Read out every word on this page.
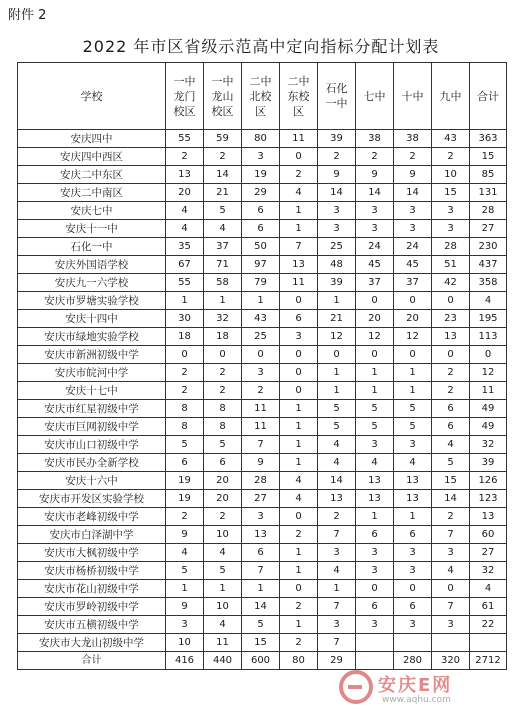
附件 2
2022 年市区省级示范高中定向指标分配计划表
学校	一中龙门校区	一中龙山校区	二中北校区	二中东校区	石化一中	七中	十中	九中	合计
安庆四中	55	59	80	11	39	38	38	43	363
安庆四中西区	2	2	3	0	2	2	2	2	15
安庆二中东区	13	14	19	2	9	9	9	10	85
安庆二中南区	20	21	29	4	14	14	14	15	131
安庆七中	4	5	6	1	3	3	3	3	28
安庆十一中	4	4	6	1	3	3	3	3	27
石化一中	35	37	50	7	25	24	24	28	230
安庆外国语学校	67	71	97	13	48	45	45	51	437
安庆九一六学校	55	58	79	11	39	37	37	42	358
安庆市罗塘实验学校	1	1	1	0	1	0	0	0	4
安庆十四中	30	32	43	6	21	20	20	23	195
安庆市绿地实验学校	18	18	25	3	12	12	12	13	113
安庆市新洲初级中学	0	0	0	0	0	0	0	0	0
安庆市皖河中学	2	2	3	0	1	1	1	2	12
安庆十七中	2	2	2	0	1	1	1	2	11
安庆市红星初级中学	8	8	11	1	5	5	5	6	49
安庆市巨网初级中学	8	8	11	1	5	5	5	6	49
安庆市山口初级中学	5	5	7	1	4	3	3	4	32
安庆市民办全新学校	6	6	9	1	4	4	4	5	39
安庆十六中	19	20	28	4	14	13	13	15	126
安庆市开发区实验学校	19	20	27	4	13	13	13	14	123
安庆市老峰初级中学	2	2	3	0	2	1	1	2	13
安庆市白泽湖中学	9	10	13	2	7	6	6	7	60
安庆市大枫初级中学	4	4	6	1	3	3	3	3	27
安庆市杨桥初级中学	5	5	7	1	4	3	3	4	32
安庆市花山初级中学	1	1	1	0	1	0	0	0	4
安庆市罗岭初级中学	9	10	14	2	7	6	6	7	61
安庆市五横初级中学	3	4	5	1	3	3	3	3	22
安庆市大龙山初级中学	10	11	15	2	7				
合计	416	440	600	80	29		280	320	2712
安庆E网
www.aqhu.com
